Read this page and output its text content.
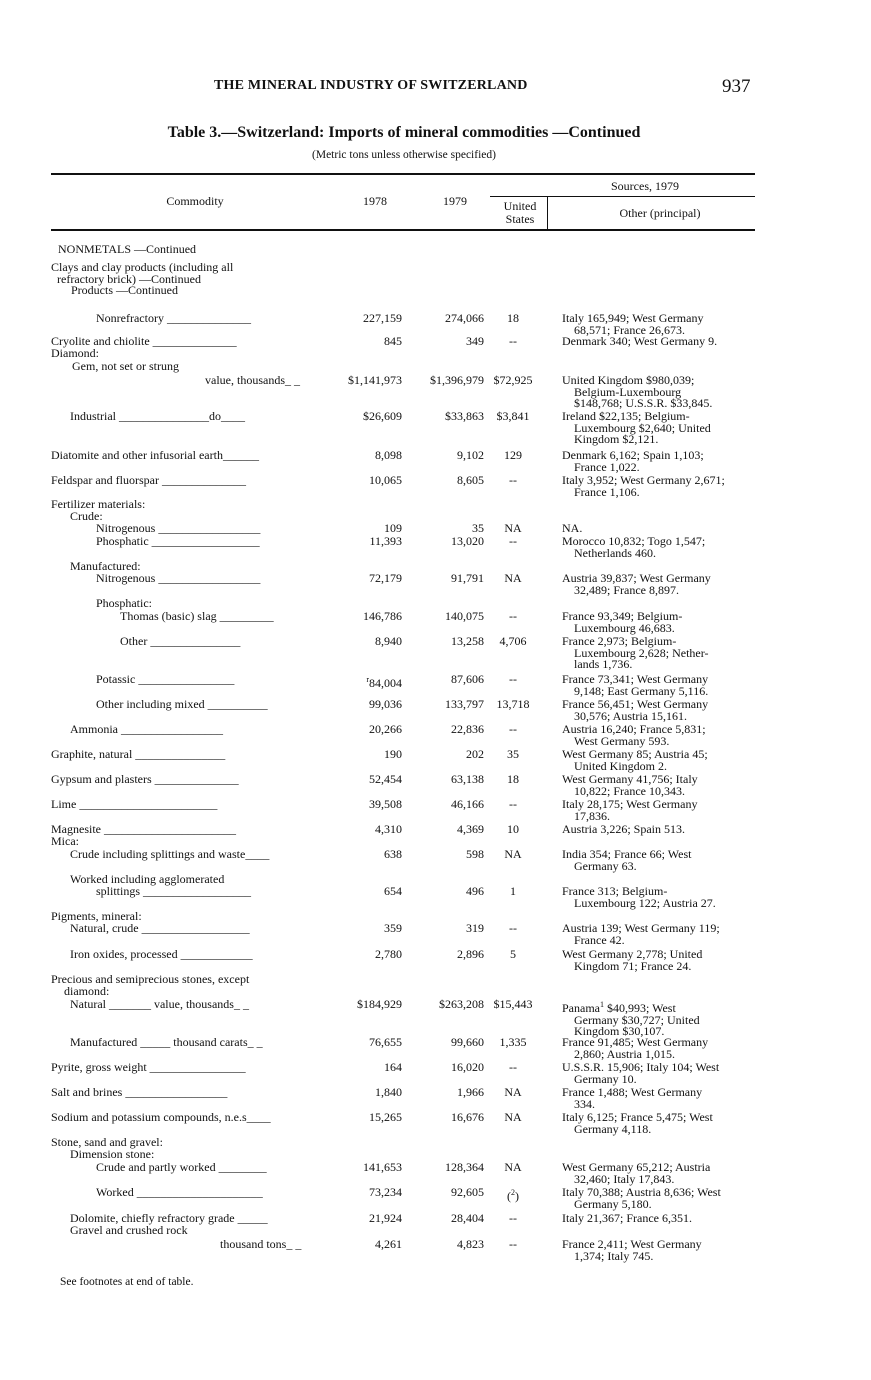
THE MINERAL INDUSTRY OF SWITZERLAND	937
Table 3.—Switzerland: Imports of mineral commodities —Continued
(Metric tons unless otherwise specified)
Commodity	1978	1979
Sources, 1979
United
States	Other (principal)
NONMETALS —Continued
Clays and clay products (including all
refractory brick) —Continued
Products —Continued
Nonrefractory ______________	227,159	274,066	18	Italy 165,949; West Germany
68,571; France 26,673.
Cryolite and chiolite ______________	845	349	--	Denmark 340; West Germany 9.
Diamond:
Gem, not set or strung
value, thousands_ _	$1,141,973	$1,396,979 $72,925	United Kingdom $980,039;
Belgium-Luxembourg
$148,768; U.S.S.R. $33,845.
Industrial _______________do____	$26,609	$33,863	$3,841	Ireland $22,135; Belgium-
Luxembourg $2,640; United
Kingdom $2,121.
Diatomite and other infusorial earth______	8,098	9,102	129	Denmark 6,162; Spain 1,103;
France 1,022.
Feldspar and fluorspar ______________	10,065	8,605	--	Italy 3,952; West Germany 2,671;
France 1,106.
Fertilizer materials:
Crude:
Nitrogenous _________________	109	35	NA	NA.
Phosphatic __________________	11,393	13,020	--	Morocco 10,832; Togo 1,547;
Netherlands 460.
Manufactured:
Nitrogenous _________________	72,179	91,791	NA	Austria 39,837; West Germany
32,489; France 8,897.
Phosphatic:
Thomas (basic) slag _________	146,786	140,075	--	France 93,349; Belgium-
Luxembourg 46,683.
Other _______________	8,940	13,258	4,706	France 2,973; Belgium-
Luxembourg 2,628; Nether-
lands 1,736.
Potassic ________________	$^r$84,004	87,606	--	France 73,341; West Germany
9,148; East Germany 5,116.
Other including mixed __________	99,036	133,797	13,718	France 56,451; West Germany
30,576; Austria 15,161.
Ammonia _________________	20,266	22,836	--	Austria 16,240; France 5,831;
West Germany 593.
Graphite, natural _______________	190	202	35	West Germany 85; Austria 45;
United Kingdom 2.
Gypsum and plasters ______________	52,454	63,138	18	West Germany 41,756; Italy
10,822; France 10,343.
Lime _______________________	39,508	46,166	--	Italy 28,175; West Germany
17,836.
Magnesite ______________________	4,310	4,369	10	Austria 3,226; Spain 513.
Mica:
Crude including splittings and waste____	638	598	NA	India 354; France 66; West
Germany 63.
Worked including agglomerated
splittings __________________	654	496	1	France 313; Belgium-
Luxembourg 122; Austria 27.
Pigments, mineral:
Natural, crude __________________	359	319	--	Austria 139; West Germany 119;
France 42.
Iron oxides, processed ____________	2,780	2,896	5	West Germany 2,778; United
Kingdom 71; France 24.
Precious and semiprecious stones, except
diamond:
Natural _______ value, thousands_ _	$184,929	$263,208 $15,443	Panama$^1$ $40,993; West
Germany $30,727; United
Kingdom $30,107.
Manufactured _____ thousand carats_ _	76,655	99,660	1,335	France 91,485; West Germany
2,860; Austria 1,015.
Pyrite, gross weight ________________	164	16,020	--	U.S.S.R. 15,906; Italy 104; West
Germany 10.
Salt and brines _________________	1,840	1,966	NA	France 1,488; West Germany
334.
Sodium and potassium compounds, n.e.s____	15,265	16,676	NA	Italy 6,125; France 5,475; West
Germany 4,118.
Stone, sand and gravel:
Dimension stone:
Crude and partly worked ________	141,653	128,364	NA	West Germany 65,212; Austria
32,460; Italy 17,843.
Worked _____________________	73,234	92,605	($^2$)	Italy 70,388; Austria 8,636; West
Germany 5,180.
Dolomite, chiefly refractory grade _____	21,924	28,404	--	Italy 21,367; France 6,351.
Gravel and crushed rock
thousand tons_ _	4,261	4,823	--	France 2,411; West Germany
1,374; Italy 745.
See footnotes at end of table.
